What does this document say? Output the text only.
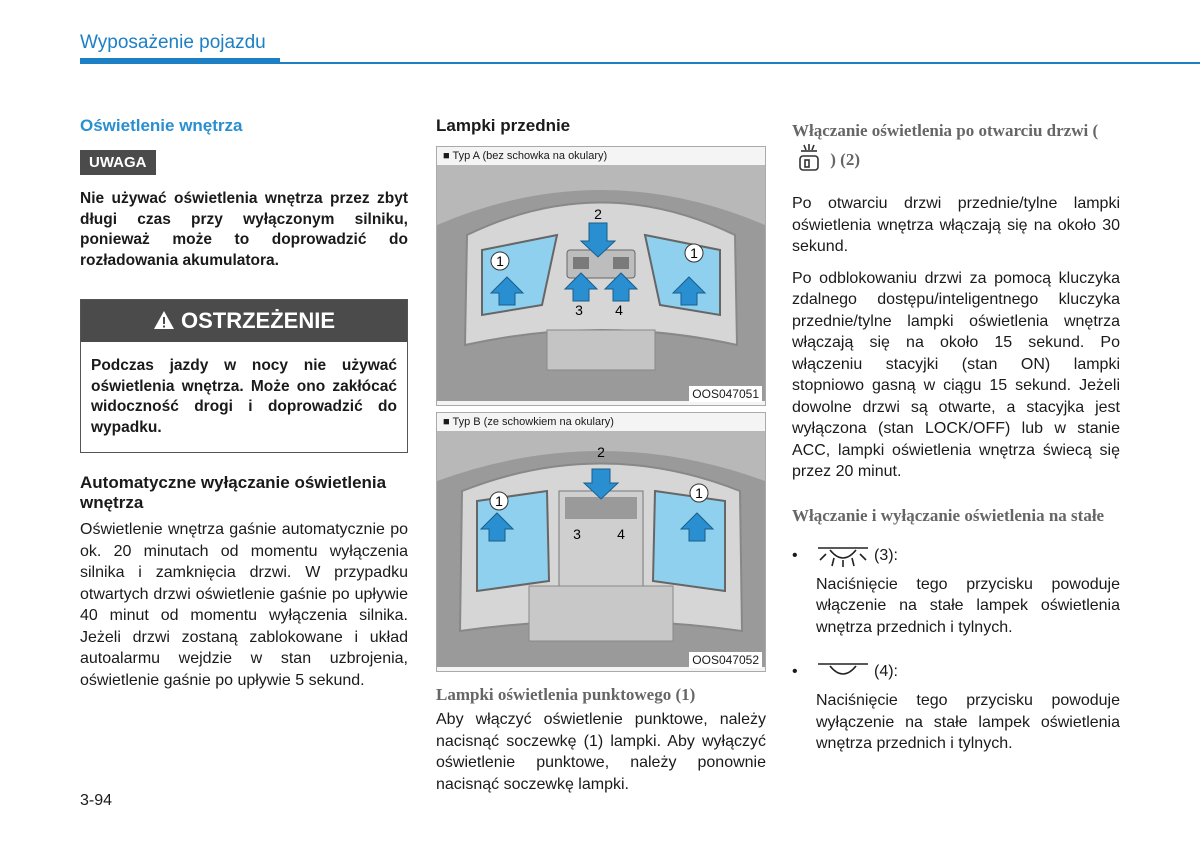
Wyposażenie pojazdu
Oświetlenie wnętrza
UWAGA
Nie używać oświetlenia wnętrza przez zbyt długi czas przy wyłączonym silniku, ponieważ może to doprowadzić do rozładowania akumulatora.
OSTRZEŻENIE
Podczas jazdy w nocy nie używać oświetlenia wnętrza. Może ono zakłócać widoczność drogi i doprowadzić do wypadku.
Automatyczne wyłączanie oświetlenia wnętrza
Oświetlenie wnętrza gaśnie automatycznie po ok. 20 minutach od momentu wyłączenia silnika i zamknięcia drzwi. W przypadku otwartych drzwi oświetlenie gaśnie po upływie 40 minut od momentu wyłączenia silnika. Jeżeli drzwi zostaną zablokowane i układ autoalarmu wejdzie w stan uzbrojenia, oświetlenie gaśnie po upływie 5 sekund.
Lampki przednie
■ Typ A (bez schowka na okulary)
1	1
2
3 4
OOS047051
■ Typ B (ze schowkiem na okulary)
1	1
2
3	4
OOS047052
Lampki oświetlenia punktowego (1)
Aby włączyć oświetlenie punktowe, należy nacisnąć soczewkę (1) lampki. Aby wyłączyć oświetlenie punktowe, należy ponownie nacisnąć soczewkę lampki.
Włączanie oświetlenia po otwarciu drzwi (  ) (2)
Po otwarciu drzwi przednie/tylne lampki oświetlenia wnętrza włączają się na około 30 sekund.
Po odblokowaniu drzwi za pomocą kluczyka zdalnego dostępu/inteligentnego kluczyka przednie/tylne lampki oświetlenia wnętrza włączają się na około 15 sekund. Po włączeniu stacyjki (stan ON) lampki stopniowo gasną w ciągu 15 sekund. Jeżeli dowolne drzwi są otwarte, a stacyjka jest wyłączona (stan LOCK/OFF) lub w stanie ACC, lampki oświetlenia wnętrza świecą się przez 20 minut.
Włączanie i wyłączanie oświetlenia na stałe
•	(3):
Naciśnięcie tego przycisku powoduje włączenie na stałe lampek oświetlenia wnętrza przednich i tylnych.
•	(4):
Naciśnięcie tego przycisku powoduje wyłączenie na stałe lampek oświetlenia wnętrza przednich i tylnych.
3-94
